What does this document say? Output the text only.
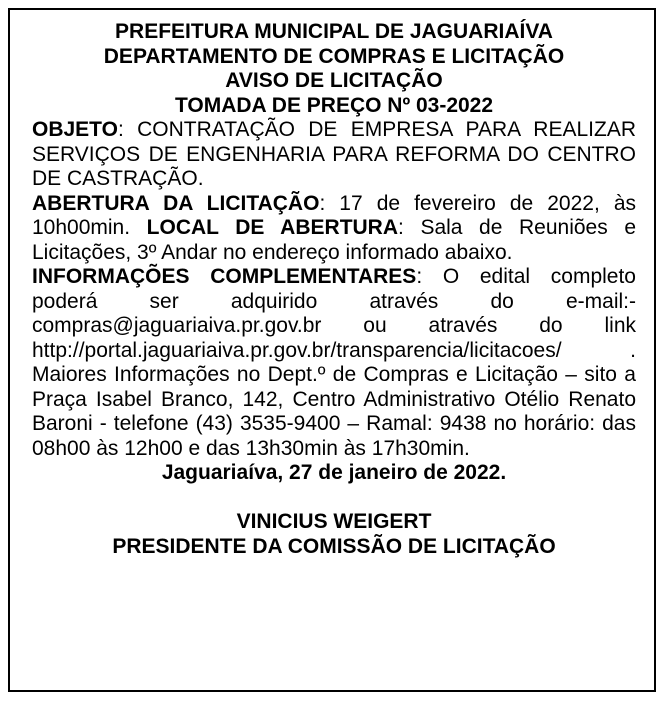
PREFEITURA MUNICIPAL DE JAGUARIAÍVA
DEPARTAMENTO DE COMPRAS E LICITAÇÃO
AVISO DE LICITAÇÃO
TOMADA DE PREÇO Nº 03-2022

OBJETO: CONTRATAÇÃO DE EMPRESA PARA REALIZAR SERVIÇOS DE ENGENHARIA PARA REFORMA DO CENTRO DE CASTRAÇÃO.

ABERTURA DA LICITAÇÃO: 17 de fevereiro de 2022, às 10h00min. LOCAL DE ABERTURA: Sala de Reuniões e Licitações, 3º Andar no endereço informado abaixo.

INFORMAÇÕES COMPLEMENTARES: O edital completo poderá ser adquirido através do e-mail:- compras@jaguariaiva.pr.gov.br ou através do link http://portal.jaguariaiva.pr.gov.br/transparencia/licitacoes/ . Maiores Informações no Dept.º de Compras e Licitação – sito a Praça Isabel Branco, 142, Centro Administrativo Otélio Renato Baroni - telefone (43) 3535-9400 – Ramal: 9438 no horário: das 08h00 às 12h00 e das 13h30min às 17h30min.

Jaguariaíva, 27 de janeiro de 2022.
VINICIUS WEIGERT
PRESIDENTE DA COMISSÃO DE LICITAÇÃO
